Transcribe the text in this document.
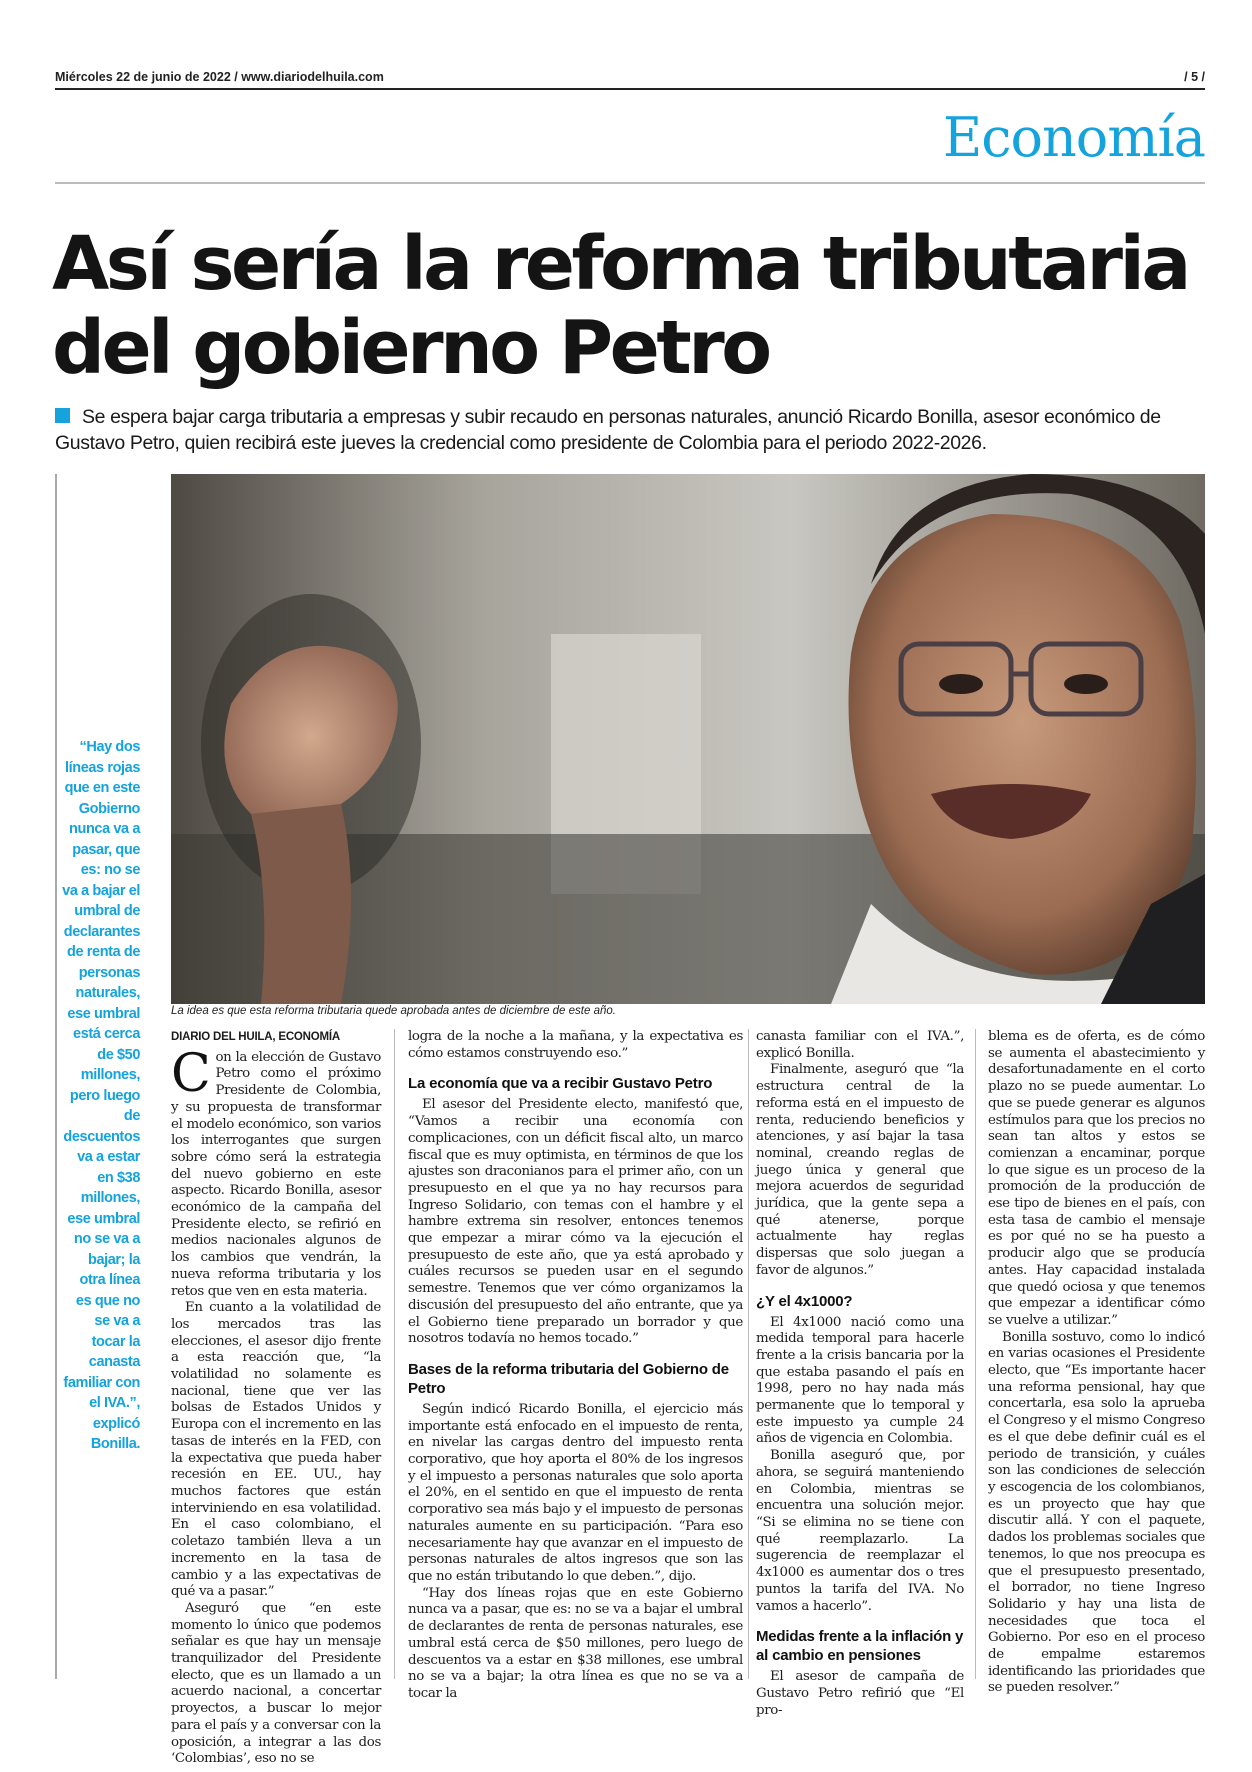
Miércoles 22 de junio de 2022 / www.diariodelhuila.com	/ 5 /
Economía
Así sería la reforma tributaria
del gobierno Petro
Se espera bajar carga tributaria a empresas y subir recaudo en personas naturales, anunció Ricardo Bonilla, asesor económico de Gustavo Petro, quien recibirá este jueves la credencial como presidente de Colombia para el periodo 2022-2026.
La idea es que esta reforma tributaria quede aprobada antes de diciembre de este año.
“Hay dos líneas rojas que en este Gobierno nunca va a pasar, que es: no se va a bajar el umbral de declarantes de renta de personas naturales, ese umbral está cerca de $50 millones, pero luego de descuentos va a estar en $38 millones, ese umbral no se va a bajar; la otra línea es que no se va a tocar la canasta familiar con el IVA.”, explicó Bonilla.
DIARIO DEL HUILA, ECONOMÍA

Con la elección de Gustavo Petro como el próximo Presidente de Colombia, y su propuesta de transformar el modelo económico, son varios los interrogantes que surgen sobre cómo será la estrategia del nuevo gobierno en este aspecto. Ricardo Bonilla, asesor económico de la campaña del Presidente electo, se refirió en medios nacionales algunos de los cambios que vendrán, la nueva reforma tributaria y los retos que ven en esta materia.

En cuanto a la volatilidad de los mercados tras las elecciones, el asesor dijo frente a esta reacción que, “la volatilidad no solamente es nacional, tiene que ver las bolsas de Estados Unidos y Europa con el incremento en las tasas de interés en la FED, con la expectativa que pueda haber recesión en EE. UU., hay muchos factores que están interviniendo en esa volatilidad. En el caso colombiano, el coletazo también lleva a un incremento en la tasa de cambio y a las expectativas de qué va a pasar.”

Aseguró que “en este momento lo único que podemos señalar es que hay un mensaje tranquilizador del Presidente electo, que es un llamado a un acuerdo nacional, a concertar proyectos, a buscar lo mejor para el país y a conversar con la oposición, a integrar a las dos ‘Colombias’, eso no se

logra de la noche a la mañana, y la expectativa es cómo estamos construyendo eso.”

La economía que va a recibir Gustavo Petro

El asesor del Presidente electo, manifestó que, “Vamos a recibir una economía con complicaciones, con un déficit fiscal alto, un marco fiscal que es muy optimista, en términos de que los ajustes son draconianos para el primer año, con un presupuesto en el que ya no hay recursos para Ingreso Solidario, con temas con el hambre y el hambre extrema sin resolver, entonces tenemos que empezar a mirar cómo va la ejecución el presupuesto de este año, que ya está aprobado y cuáles recursos se pueden usar en el segundo semestre. Tenemos que ver cómo organizamos la discusión del presupuesto del año entrante, que ya el Gobierno tiene preparado un borrador y que nosotros todavía no hemos tocado.”

Bases de la reforma tributaria del Gobierno de Petro

Según indicó Ricardo Bonilla, el ejercicio más importante está enfocado en el impuesto de renta, en nivelar las cargas dentro del impuesto renta corporativo, que hoy aporta el 80% de los ingresos y el impuesto a personas naturales que solo aporta el 20%, en el sentido en que el impuesto de renta corporativo sea más bajo y el impuesto de personas naturales aumente en su participación. “Para eso necesariamente hay que avanzar en el impuesto de personas naturales de altos ingresos que son las que no están tributando lo que deben.”, dijo.

“Hay dos líneas rojas que en este Gobierno nunca va a pasar, que es: no se va a bajar el umbral de declarantes de renta de personas naturales, ese umbral está cerca de $50 millones, pero luego de descuentos va a estar en $38 millones, ese umbral no se va a bajar; la otra línea es que no se va a tocar la

canasta familiar con el IVA.”, explicó Bonilla.

Finalmente, aseguró que “la estructura central de la reforma está en el impuesto de renta, reduciendo beneficios y atenciones, y así bajar la tasa nominal, creando reglas de juego única y general que mejora acuerdos de seguridad jurídica, que la gente sepa a qué atenerse, porque actualmente hay reglas dispersas que solo juegan a favor de algunos.”

¿Y el 4x1000?

El 4x1000 nació como una medida temporal para hacerle frente a la crisis bancaria por la que estaba pasando el país en 1998, pero no hay nada más permanente que lo temporal y este impuesto ya cumple 24 años de vigencia en Colombia.

Bonilla aseguró que, por ahora, se seguirá manteniendo en Colombia, mientras se encuentra una solución mejor. “Si se elimina no se tiene con qué reemplazarlo. La sugerencia de reemplazar el 4x1000 es aumentar dos o tres puntos la tarifa del IVA. No vamos a hacerlo”.

Medidas frente a la inflación y al cambio en pensiones

El asesor de campaña de Gustavo Petro refirió que “El pro-

blema es de oferta, es de cómo se aumenta el abastecimiento y desafortunadamente en el corto plazo no se puede aumentar. Lo que se puede generar es algunos estímulos para que los precios no sean tan altos y estos se comienzan a encaminar, porque lo que sigue es un proceso de la promoción de la producción de ese tipo de bienes en el país, con esta tasa de cambio el mensaje es por qué no se ha puesto a producir algo que se producía antes. Hay capacidad instalada que quedó ociosa y que tenemos que empezar a identificar cómo se vuelve a utilizar.”

Bonilla sostuvo, como lo indicó en varias ocasiones el Presidente electo, que “Es importante hacer una reforma pensional, hay que concertarla, esa solo la aprueba el Congreso y el mismo Congreso es el que debe definir cuál es el periodo de transición, y cuáles son las condiciones de selección y escogencia de los colombianos, es un proyecto que hay que discutir allá. Y con el paquete, dados los problemas sociales que tenemos, lo que nos preocupa es que el presupuesto presentado, el borrador, no tiene Ingreso Solidario y hay una lista de necesidades que toca el Gobierno. Por eso en el proceso de empalme estaremos identificando las prioridades que se pueden resolver.”
